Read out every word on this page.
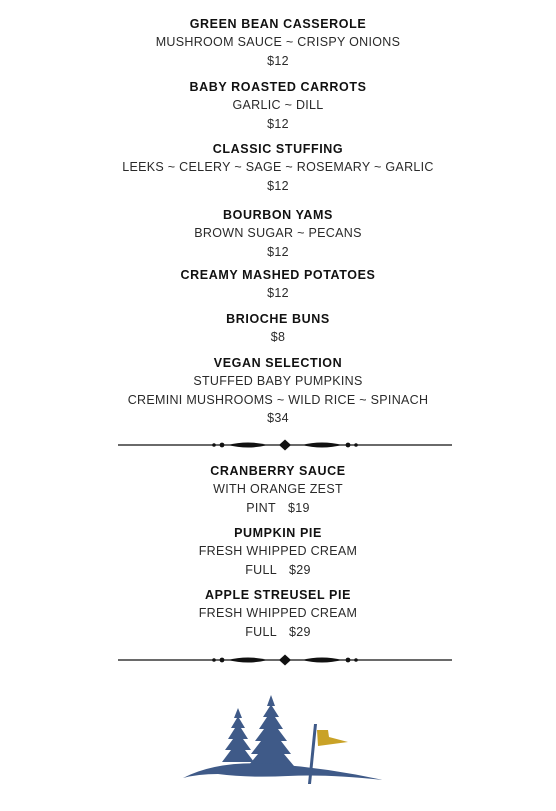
GREEN BEAN CASSEROLE
MUSHROOM SAUCE ~ CRISPY ONIONS
$12
BABY ROASTED CARROTS
GARLIC ~ DILL
$12
CLASSIC STUFFING
LEEKS ~ CELERY ~ SAGE ~ ROSEMARY ~ GARLIC
$12
BOURBON YAMS
BROWN SUGAR ~ PECANS
$12
CREAMY MASHED POTATOES
$12
BRIOCHE BUNS
$8
VEGAN SELECTION
STUFFED BABY PUMPKINS
CREMINI MUSHROOMS ~ WILD RICE ~ SPINACH
$34
CRANBERRY SAUCE
WITH ORANGE ZEST
PINT $19
PUMPKIN PIE
FRESH WHIPPED CREAM
FULL $29
APPLE STREUSEL PIE
FRESH WHIPPED CREAM
FULL $29
